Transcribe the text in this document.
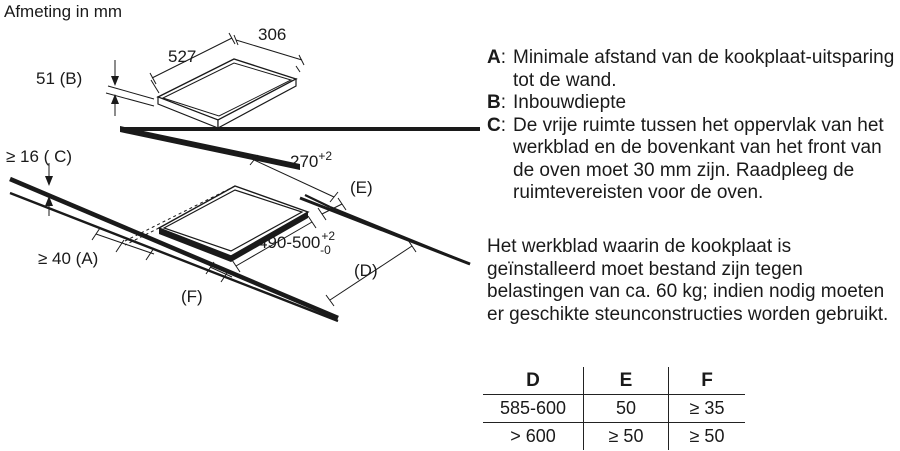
Afmeting in mm
527
306
51 (B)
$270^{+2}$
$490-500^{+2}$ -0
≥ 16 ( C)
≥ 40 (A)
(F)
(D)
(E)
A: Minimale afstand van de kookplaat-uitsparing tot de wand.
B: Inbouwdiepte
C: De vrije ruimte tussen het oppervlak van het werkblad en de bovenkant van het front van de oven moet 30 mm zijn. Raadpleeg de ruimtevereisten voor de oven.
Het werkblad waarin de kookplaat is geïnstalleerd moet bestand zijn tegen belastingen van ca. 60 kg; indien nodig moeten er geschikte steunconstructies worden gebruikt.
D	E	F
585-600	50	≥ 35
> 600	≥ 50	≥ 50
